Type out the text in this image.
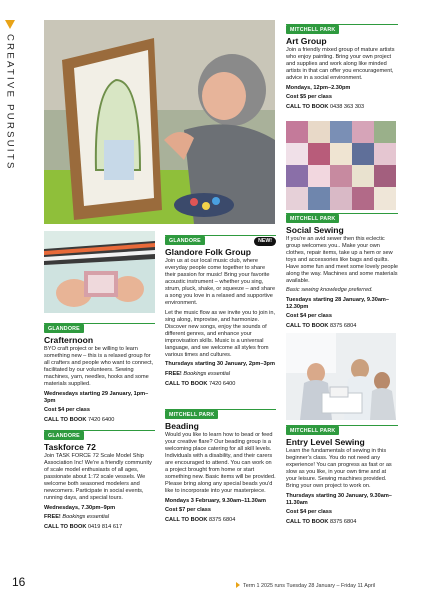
CREATIVE PURSUITS
MITCHELL PARK
Art Group
Join a friendly mixed group of mature artists who enjoy painting. Bring your own project and supplies and work along like minded artists in that can offer you encouragement, advice in a social environment.
Mondays, 12pm–2.30pm
Cost $5 per class
CALL TO BOOK 0438 363 303
GLANDORE	NEW!
Glandore Folk Group
Join us at our local music club, where everyday people come together to share their passion for music! Bring your favorite acoustic instrument – whether you sing, strum, pluck, shake, or squeeze – and share a song you love in a relaxed and supportive environment.
Let the music flow as we invite you to join in, sing along, improvise, and harmonize. Discover new songs, enjoy the sounds of different genres, and enhance your improvisation skills. Music is a universal language, and we welcome all styles from various times and cultures.
Thursdays starting 30 January, 2pm–3pm
FREE! Bookings essential
CALL TO BOOK 7420 6400
MITCHELL PARK
Social Sewing
If you're an avid sewer then this eclectic group welcomes you.. Make your own clothes, repair items, take up a hem or sew toys and accessories like bags and quilts. Have some fun and meet some lovely people along the way. Machines and some materials available.
Basic sewing knowledge preferred.
Tuesdays starting 28 January, 9.30am–12.30pm
Cost $4 per class
CALL TO BOOK 8375 6804
GLANDORE
Crafternoon
BYO craft project or be willing to learn something new – this is a relaxed group for all crafters and people who want to connect, facilitated by our volunteers. Sewing machines, yarn, needles, hooks and some materials supplied.
Wednesdays starting 29 January, 1pm–3pm
Cost $4 per class
CALL TO BOOK 7420 6400
MITCHELL PARK
Beading
Would you like to learn how to bead or feed your creative flare? Our beading group is a welcoming place catering for all skill levels. Individuals with a disability, and their carers are encouraged to attend. You can work on a project brought from home or start something new. Basic items will be provided. Please bring along any special beads you'd like to incorporate into your masterpiece.
Mondays 3 February, 9.30am–11.30am
Cost $7 per class
CALL TO BOOK 8375 6804
GLANDORE
Taskforce 72
Join TASK FORCE 72 Scale Model Ship Association Inc! We're a friendly community of scale model enthusiasts of all ages, passionate about 1:72 scale vessels. We welcome both seasoned modelers and newcomers. Participate in social events, running days, and special tours.
Wednesdays, 7.30pm–9pm
FREE! Bookings essential
CALL TO BOOK 0419 814 617
MITCHELL PARK
Entry Level Sewing
Learn the fundamentals of sewing in this beginner's class. You do not need any experience! You can progress as fast or as slow as you like, in your own time and at your leisure. Sewing machines provided. Bring your own project to work on.
Thursdays starting 30 January, 9.30am–11.30am
Cost $4 per class
CALL TO BOOK 8375 6804
16	Term 1 2025 runs Tuesday 28 January – Friday 11 April
